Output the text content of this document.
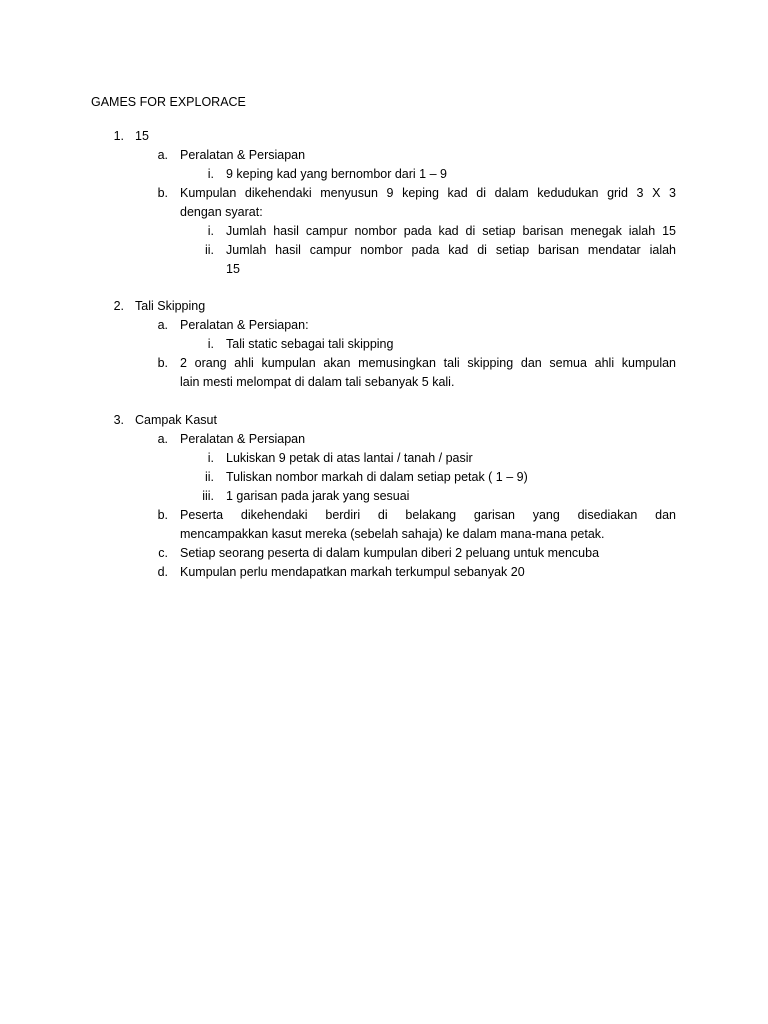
GAMES FOR EXPLORACE
1. 15
a. Peralatan & Persiapan
i. 9 keping kad yang bernombor dari 1 – 9
b. Kumpulan dikehendaki menyusun 9 keping kad di dalam kedudukan grid 3 X 3
dengan syarat:
i. Jumlah hasil campur nombor pada kad di setiap barisan menegak ialah 15
ii. Jumlah hasil campur nombor pada kad di setiap barisan mendatar ialah
15
2. Tali Skipping
a. Peralatan & Persiapan:
i. Tali static sebagai tali skipping
b. 2 orang ahli kumpulan akan memusingkan tali skipping dan semua ahli kumpulan
lain mesti melompat di dalam tali sebanyak 5 kali.
3. Campak Kasut
a. Peralatan & Persiapan
i. Lukiskan 9 petak di atas lantai / tanah / pasir
ii. Tuliskan nombor markah di dalam setiap petak ( 1 – 9)
iii. 1 garisan pada jarak yang sesuai
b. Peserta dikehendaki berdiri di belakang garisan yang disediakan dan
mencampakkan kasut mereka (sebelah sahaja) ke dalam mana-mana petak.
c. Setiap seorang peserta di dalam kumpulan diberi 2 peluang untuk mencuba
d. Kumpulan perlu mendapatkan markah terkumpul sebanyak 20
